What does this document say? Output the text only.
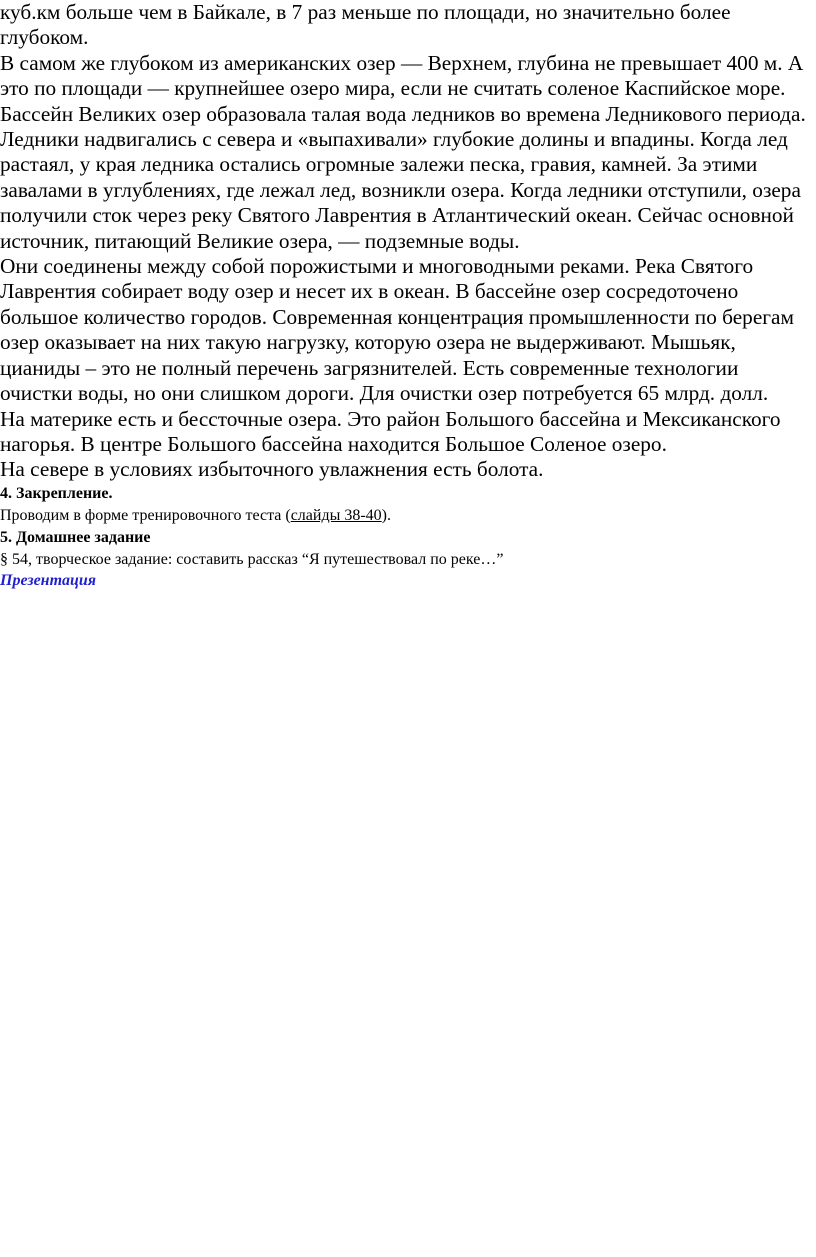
куб.км больше чем в Байкале, в 7 раз меньше по площади, но значительно более глубоком.

В самом же глубоком из американских озер — Верхнем, глубина не превышает 400 м. А это по площади — крупнейшее озеро мира, если не считать соленое Каспийское море.

Бассейн Великих озер образовала талая вода ледников во времена Ледникового периода. Ледники надвигались с севера и «выпахивали» глубокие долины и впадины. Когда лед растаял, у края ледника остались огромные залежи песка, гравия, камней. За этими завалами в углублениях, где лежал лед, возникли озера. Когда ледники отступили, озера получили сток через реку Святого Лаврентия в Атлантический океан. Сейчас основной источник, питающий Великие озера, — подземные воды.

Они соединены между собой порожистыми и многоводными реками. Река Святого Лаврентия собирает воду озер и несет их в океан. В бассейне озер сосредоточено большое количество городов. Современная концентрация промышленности по берегам озер оказывает на них такую нагрузку, которую озера не выдерживают. Мышьяк, цианиды – это не полный перечень загрязнителей. Есть современные технологии очистки воды, но они слишком дороги. Для очистки озер потребуется 65 млрд. долл.

На материке есть и бессточные озера. Это район Большого бассейна и Мексиканского нагорья. В центре Большого бассейна находится Большое Соленое озеро.

На севере в условиях избыточного увлажнения есть болота.

4. Закрепление.

Проводим в форме тренировочного теста (слайды 38-40).

5. Домашнее задание

§ 54, творческое задание: составить рассказ “Я путешествовал по реке…”

Презентация
